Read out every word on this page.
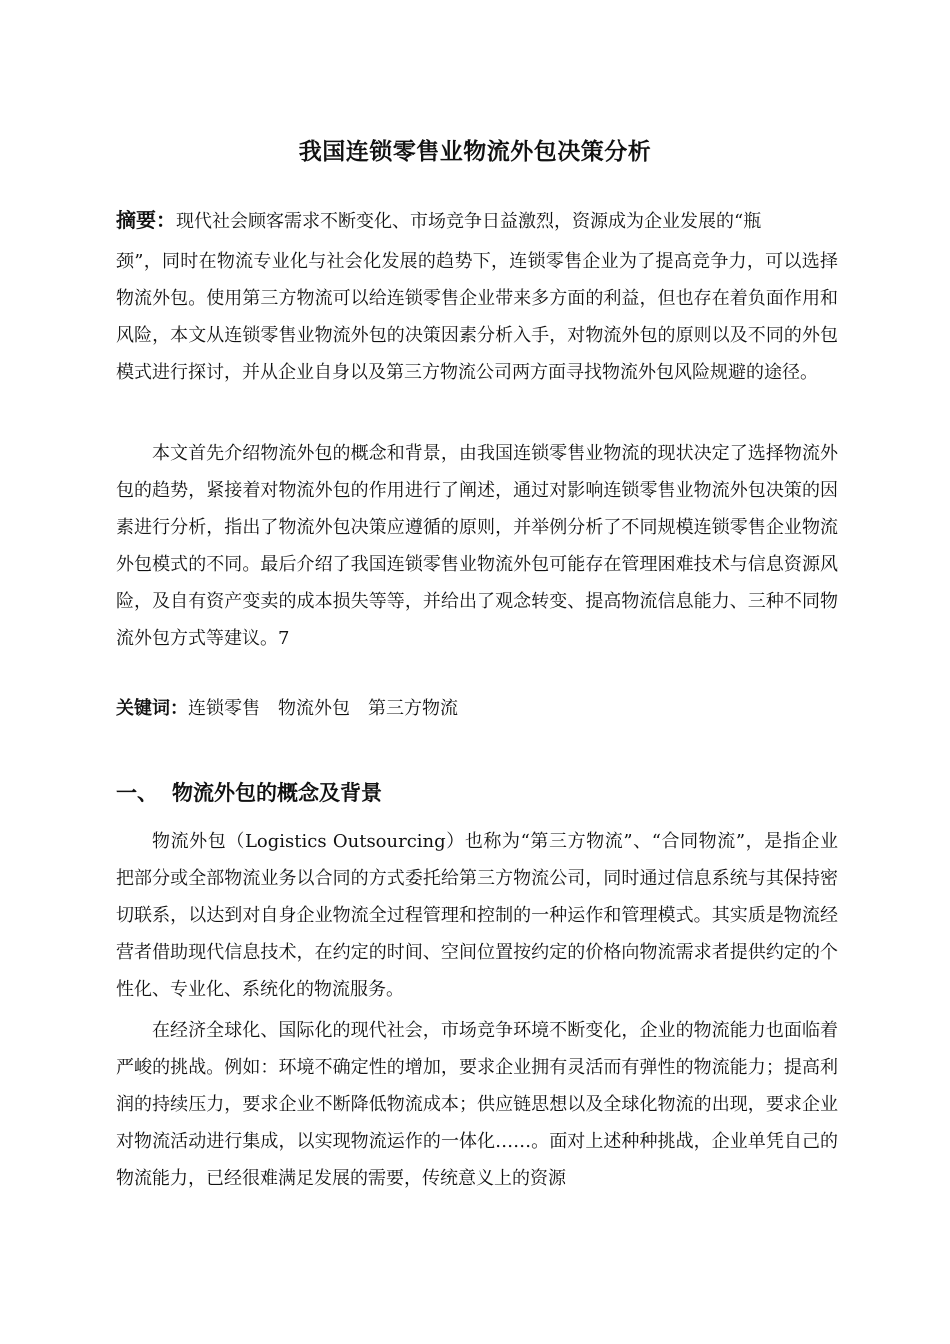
我国连锁零售业物流外包决策分析

摘要：现代社会顾客需求不断变化、市场竞争日益激烈，资源成为企业发展的“瓶

颈”，同时在物流专业化与社会化发展的趋势下，连锁零售企业为了提高竞争力，可以选择物流外包。使用第三方物流可以给连锁零售企业带来多方面的利益，但也存在着负面作用和风险，本文从连锁零售业物流外包的决策因素分析入手，对物流外包的原则以及不同的外包模式进行探讨，并从企业自身以及第三方物流公司两方面寻找物流外包风险规避的途径。

本文首先介绍物流外包的概念和背景，由我国连锁零售业物流的现状决定了选择物流外包的趋势，紧接着对物流外包的作用进行了阐述，通过对影响连锁零售业物流外包决策的因素进行分析，指出了物流外包决策应遵循的原则，并举例分析了不同规模连锁零售企业物流外包模式的不同。最后介绍了我国连锁零售业物流外包可能存在管理困难技术与信息资源风险，及自有资产变卖的成本损失等等，并给出了观念转变、提高物流信息能力、三种不同物流外包方式等建议。7
关键词：连锁零售 物流外包 第三方物流
一、 物流外包的概念及背景
物流外包（Logistics Outsourcing）也称为“第三方物流”、“合同物流”，是指企业把部分或全部物流业务以合同的方式委托给第三方物流公司，同时通过信息系统与其保持密切联系，以达到对自身企业物流全过程管理和控制的一种运作和管理模式。其实质是物流经营者借助现代信息技术，在约定的时间、空间位置按约定的价格向物流需求者提供约定的个性化、专业化、系统化的物流服务。
在经济全球化、国际化的现代社会，市场竞争环境不断变化，企业的物流能力也面临着严峻的挑战。例如：环境不确定性的增加，要求企业拥有灵活而有弹性的物流能力；提高利润的持续压力，要求企业不断降低物流成本；供应链思想以及全球化物流的出现，要求企业对物流活动进行集成，以实现物流运作的一体化……。面对上述种种挑战，企业单凭自己的物流能力，已经很难满足发展的需要，传统意义上的资源
